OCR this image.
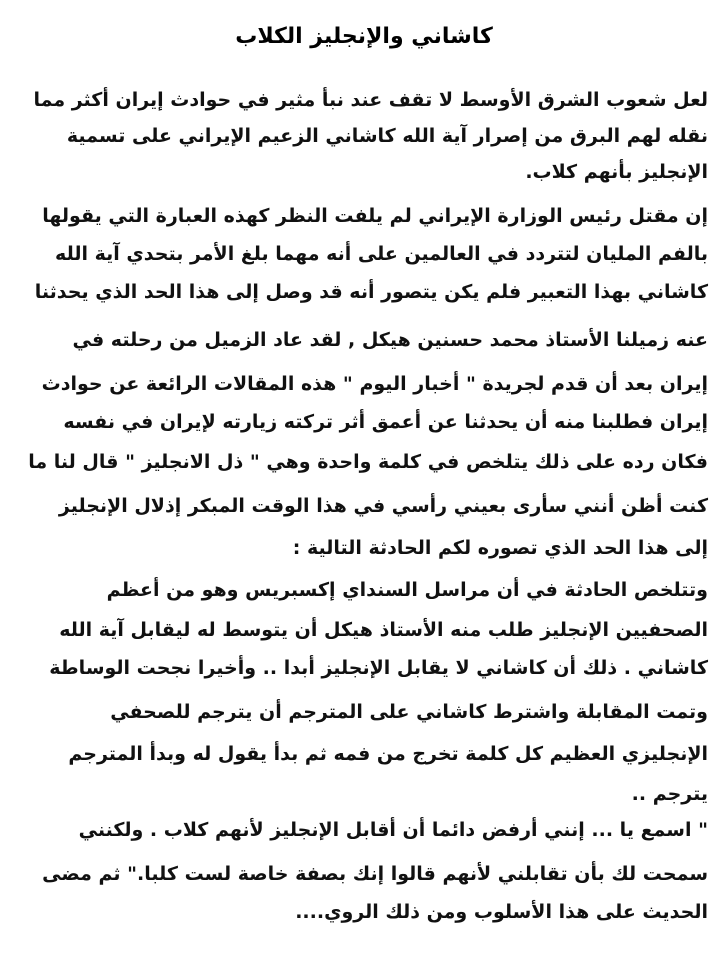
كاشاني والإنجليز الكلاب
لعل شعوب الشرق الأوسط لا تقف عند نبأ مثير في حوادث إيران أكثر مما
نقله لهم البرق من إصرار آية الله كاشاني الزعيم الإيراني على تسمية
الإنجليز بأنهم كلاب.
إن مقتل رئيس الوزارة الإيراني لم يلفت النظر كهذه العبارة التي يقولها
بالفم المليان لتتردد في العالمين على أنه مهما بلغ الأمر بتحدي آية الله
كاشاني بهذا التعبير فلم يكن يتصور أنه قد وصل إلى هذا الحد الذي يحدثنا
عنه زميلنا الأستاذ محمد حسنين هيكل , لقد عاد الزميل من رحلته في
إيران بعد أن قدم لجريدة " أخبار اليوم " هذه المقالات الرائعة عن حوادث
إيران فطلبنا منه أن يحدثنا عن أعمق أثر تركته زيارته لإيران في نفسه
فكان رده على ذلك يتلخص في كلمة واحدة وهي " ذل الانجليز " قال لنا ما
كنت أظن أنني سأرى بعيني رأسي في هذا الوقت المبكر إذلال الإنجليز
إلى هذا الحد الذي تصوره لكم الحادثة التالية :
وتتلخص الحادثة في أن مراسل السنداي إكسبريس وهو من أعظم
الصحفيين الإنجليز طلب منه الأستاذ هيكل أن يتوسط له ليقابل آية الله
كاشاني . ذلك أن كاشاني لا يقابل الإنجليز أبدا .. وأخيرا نجحت الوساطة
وتمت المقابلة واشترط كاشاني على المترجم أن يترجم للصحفي
الإنجليزي العظيم كل كلمة تخرج من فمه ثم بدأ يقول له وبدأ المترجم
يترجم ..
" اسمع يا ... إنني أرفض دائما أن أقابل الإنجليز لأنهم كلاب . ولكنني
سمحت لك بأن تقابلني لأنهم قالوا إنك بصفة خاصة لست كلبا." ثم مضى
الحديث على هذا الأسلوب ومن ذلك الروي....
